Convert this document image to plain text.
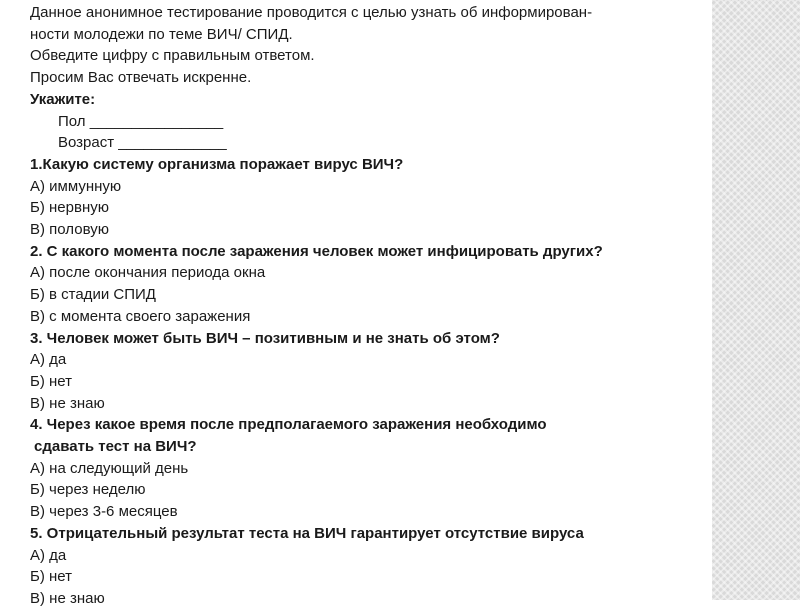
Данное анонимное тестирование проводится с целью узнать об информирован-
ности молодежи по теме ВИЧ/ СПИД.
Обведите цифру с правильным ответом.
Просим Вас отвечать искренне.
Укажите:
Пол ________________
Возраст _____________
1.Какую систему организма поражает вирус ВИЧ?
А) иммунную
Б) нервную
В) половую
2. С какого момента после заражения человек может инфицировать других?
А) после окончания периода окна
Б) в стадии СПИД
В) с момента своего заражения
3. Человек может быть ВИЧ – позитивным и не знать об этом?
А) да
Б) нет
В) не знаю
4. Через какое время после предполагаемого заражения необходимо
сдавать тест на ВИЧ?
А) на следующий день
Б) через неделю
В) через 3-6 месяцев
5. Отрицательный результат теста на ВИЧ гарантирует отсутствие вируса
А) да
Б) нет
В) не знаю
